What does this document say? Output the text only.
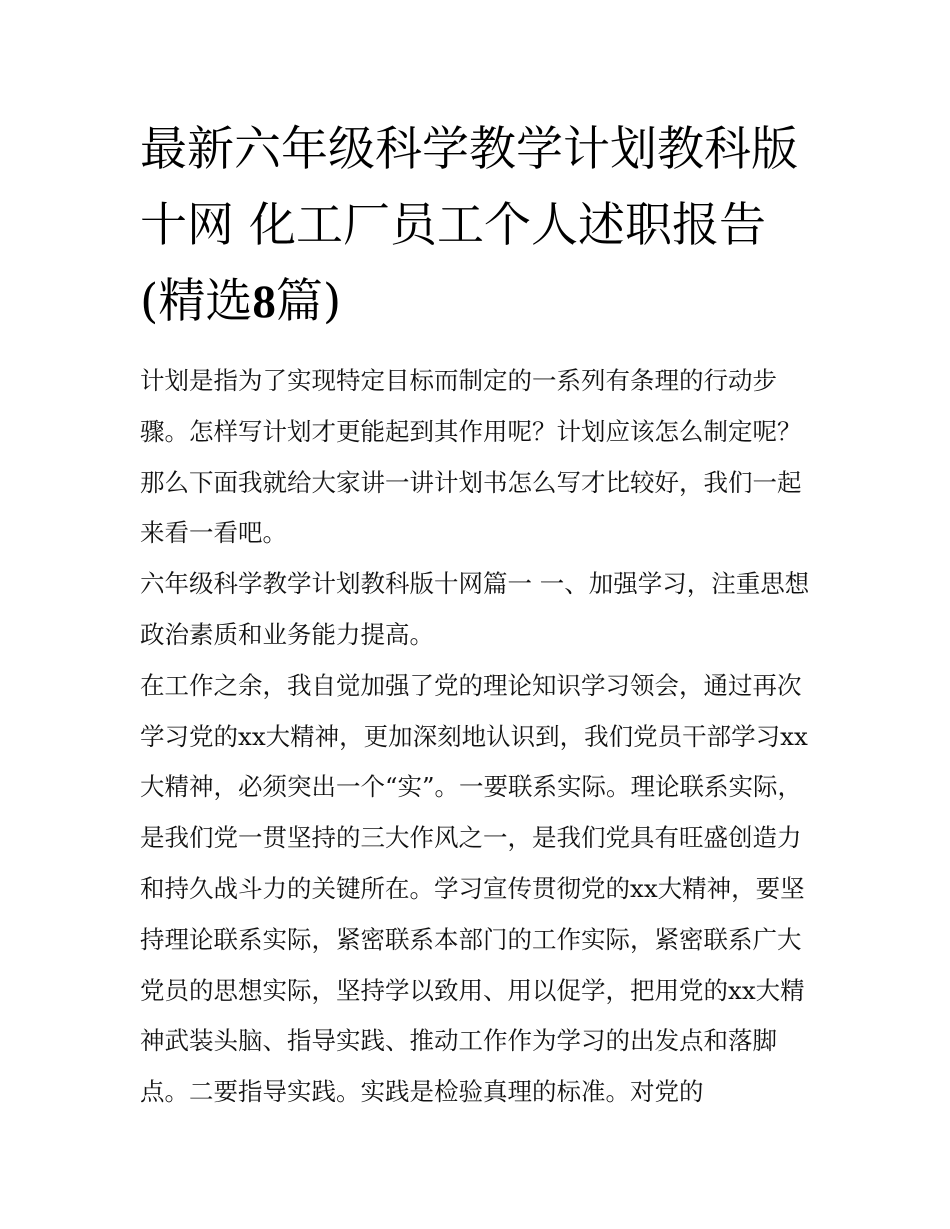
最新六年级科学教学计划教科版十网 化工厂员工个人述职报告(精选8篇)

计划是指为了实现特定目标而制定的一系列有条理的行动步骤。怎样写计划才更能起到其作用呢？计划应该怎么制定呢？那么下面我就给大家讲一讲计划书怎么写才比较好，我们一起来看一看吧。

六年级科学教学计划教科版十网篇一 一、加强学习，注重思想政治素质和业务能力提高。

在工作之余，我自觉加强了党的理论知识学习领会，通过再次学习党的xx大精神，更加深刻地认识到，我们党员干部学习xx大精神，必须突出一个“实”。一要联系实际。理论联系实际，是我们党一贯坚持的三大作风之一，是我们党具有旺盛创造力和持久战斗力的关键所在。学习宣传贯彻党的xx大精神，要坚持理论联系实际，紧密联系本部门的工作实际，紧密联系广大党员的思想实际，坚持学以致用、用以促学，把用党的xx大精神武装头脑、指导实践、推动工作作为学习的出发点和落脚点。二要指导实践。实践是检验真理的标准。对党的
